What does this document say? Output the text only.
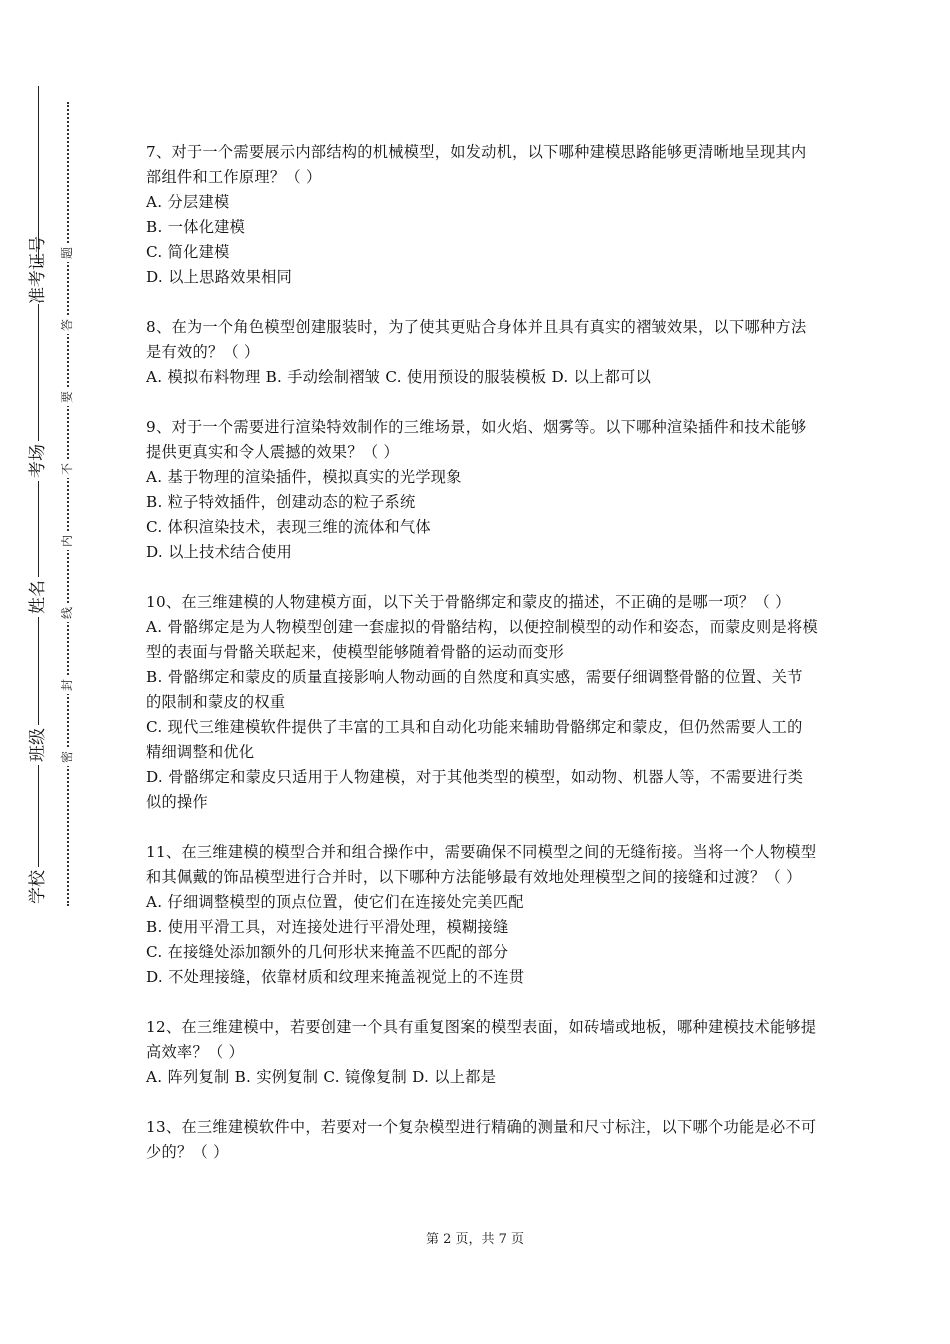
准考证号
考场
姓名
班级
学校
题
答
要
不
内
线
封
密

7、对于一个需要展示内部结构的机械模型，如发动机，以下哪种建模思路能够更清晰地呈现其内部组件和工作原理？（ ）

A. 分层建模

B. 一体化建模

C. 简化建模

D. 以上思路效果相同

8、在为一个角色模型创建服装时，为了使其更贴合身体并且具有真实的褶皱效果，以下哪种方法是有效的？（ ）

A. 模拟布料物理 B. 手动绘制褶皱 C. 使用预设的服装模板 D. 以上都可以

9、对于一个需要进行渲染特效制作的三维场景，如火焰、烟雾等。以下哪种渲染插件和技术能够提供更真实和令人震撼的效果？（ ）

A. 基于物理的渲染插件，模拟真实的光学现象

B. 粒子特效插件，创建动态的粒子系统

C. 体积渲染技术，表现三维的流体和气体

D. 以上技术结合使用

10、在三维建模的人物建模方面，以下关于骨骼绑定和蒙皮的描述，不正确的是哪一项？（ ）

A. 骨骼绑定是为人物模型创建一套虚拟的骨骼结构，以便控制模型的动作和姿态，而蒙皮则是将模型的表面与骨骼关联起来，使模型能够随着骨骼的运动而变形

B. 骨骼绑定和蒙皮的质量直接影响人物动画的自然度和真实感，需要仔细调整骨骼的位置、关节的限制和蒙皮的权重

C. 现代三维建模软件提供了丰富的工具和自动化功能来辅助骨骼绑定和蒙皮，但仍然需要人工的精细调整和优化

D. 骨骼绑定和蒙皮只适用于人物建模，对于其他类型的模型，如动物、机器人等，不需要进行类似的操作

11、在三维建模的模型合并和组合操作中，需要确保不同模型之间的无缝衔接。当将一个人物模型和其佩戴的饰品模型进行合并时，以下哪种方法能够最有效地处理模型之间的接缝和过渡？（ ）

A. 仔细调整模型的顶点位置，使它们在连接处完美匹配

B. 使用平滑工具，对连接处进行平滑处理，模糊接缝

C. 在接缝处添加额外的几何形状来掩盖不匹配的部分

D. 不处理接缝，依靠材质和纹理来掩盖视觉上的不连贯

12、在三维建模中，若要创建一个具有重复图案的模型表面，如砖墙或地板，哪种建模技术能够提高效率？（ ）

A. 阵列复制 B. 实例复制 C. 镜像复制 D. 以上都是

13、在三维建模软件中，若要对一个复杂模型进行精确的测量和尺寸标注，以下哪个功能是必不可少的？（ ）

第 2 页，共 7 页
